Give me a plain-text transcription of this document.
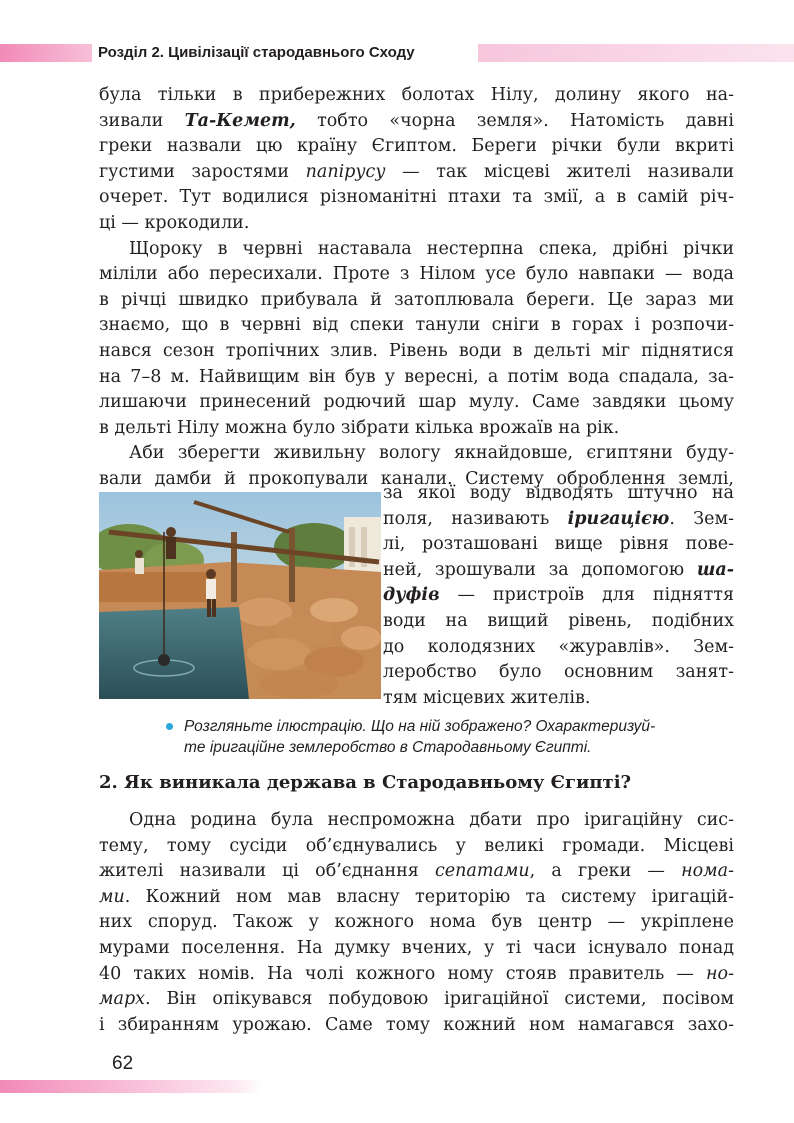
Розділ 2. Цивілізації стародавнього Сходу

була тільки в прибережних болотах Нілу, долину якого на-

зивали Та-Кемет, тобто «чорна земля». Натомість давні

греки назвали цю країну Єгиптом. Береги річки були вкриті

густими заростями папірусу — так місцеві жителі називали

очерет. Тут водилися різноманітні птахи та змії, а в самій річ-

ці — крокодили.

Щороку в червні наставала нестерпна спека, дрібні річки

міліли або пересихали. Проте з Нілом усе було навпаки — вода

в річці швидко прибувала й затоплювала береги. Це зараз ми

знаємо, що в червні від спеки танули сніги в горах і розпочи-

нався сезон тропічних злив. Рівень води в дельті міг піднятися

на 7–8 м. Найвищим він був у вересні, а потім вода спадала, за-

лишаючи принесений родючий шар мулу. Саме завдяки цьому

в дельті Нілу можна було зібрати кілька врожаїв на рік.

Аби зберегти живильну вологу якнайдовше, єгиптяни буду-

вали дамби й прокопували канали. Систему оброблення землі,

за якої воду відводять штучно на

поля, називають іригацією. Зем-

лі, розташовані вище рівня пове-

ней, зрошували за допомогою ша-

дуфів — пристроїв для підняття

води на вищий рівень, подібних

до колодязних «журавлів». Зем-

леробство було основним занят-

тям місцевих жителів.

Розгляньте ілюстрацію. Що на ній зображено? Охарактеризуй-
те іригаційне землеробство в Стародавньому Єгипті.
2. Як виникала держава в Стародавньому Єгипті?

Одна родина була неспроможна дбати про іригаційну сис-

тему, тому сусіди об’єднувались у великі громади. Місцеві

жителі називали ці об’єднання сепатами, а греки — нома-

ми. Кожний ном мав власну територію та систему іригацій-

них споруд. Також у кожного нома був центр — укріплене

мурами поселення. На думку вчених, у ті часи існувало понад

40 таких номів. На чолі кожного ному стояв правитель — но-

марх. Він опікувався побудовою іригаційної системи, посівом

і збиранням урожаю. Саме тому кожний ном намагався захо-

62
